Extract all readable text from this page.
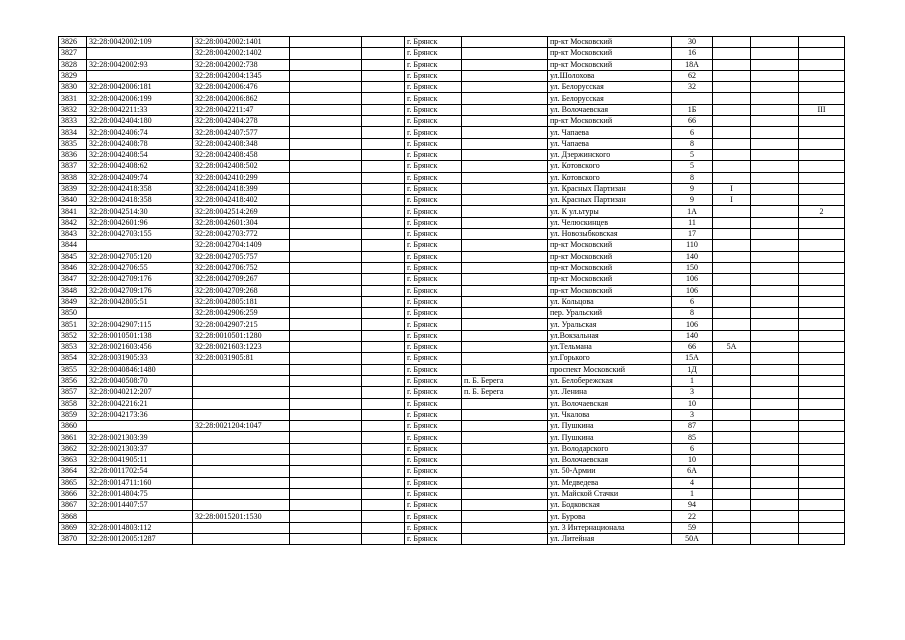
3826	32:28:0042002:109	32:28:0042002:1401			г. Брянск		пр-кт Московский	30			
3827		32:28:0042002:1402			г. Брянск		пр-кт Московский	16			
3828	32:28:0042002:93	32:28:0042002:738			г. Брянск		пр-кт Московский	18А			
3829		32:28:0042004:1345			г. Брянск		ул.Шолохова	62			
3830	32:28:0042006:181	32:28:0042006:476			г. Брянск		ул. Белорусская	32			
3831	32:28:0042006:199	32:28:0042006:862			г. Брянск		ул. Белорусская				
3832	32:28:0042211:33	32:28:0042211:47			г. Брянск		ул. Волочаевская	1Б			III
3833	32:28:0042404:180	32:28:0042404:278			г. Брянск		пр-кт Московский	66			
3834	32:28:0042406:74	32:28:0042407:577			г. Брянск		ул. Чапаева	6			
3835	32:28:0042408:78	32:28:0042408:348			г. Брянск		ул. Чапаева	8			
3836	32:28:0042408:54	32:28:0042408:458			г. Брянск		ул. Дзержинского	5			
3837	32:28:0042408:62	32:28:0042408:502			г. Брянск		ул. Котовского	5			
3838	32:28:0042409:74	32:28:0042410:299			г. Брянск		ул. Котовского	8			
3839	32:28:0042418:358	32:28:0042418:399			г. Брянск		ул. Красных Партизан	9	I		
3840	32:28:0042418:358	32:28:0042418:402			г. Брянск		ул. Красных Партизан	9	I		
3841	32:28:0042514:30	32:28:0042514:269			г. Брянск		ул. К ул.ьтуры	1А			2
3842	32:28:0042601:96	32:28:0042601:304			г. Брянск		ул. Челюскинцев	11			
3843	32:28:0042703:155	32:28:0042703:772			г. Брянск		ул. Новозыбковская	17			
3844		32:28:0042704:1409			г. Брянск		пр-кт Московский	110			
3845	32:28:0042705:120	32:28:0042705:757			г. Брянск		пр-кт Московский	140			
3846	32:28:0042706:55	32:28:0042706:752			г. Брянск		пр-кт Московский	150			
3847	32:28:0042709:176	32:28:0042709:267			г. Брянск		пр-кт Московский	106			
3848	32:28:0042709:176	32:28:0042709:268			г. Брянск		пр-кт Московский	106			
3849	32:28:0042805:51	32:28:0042805:181			г. Брянск		ул. Кольцова	6			
3850		32:28:0042906:259			г. Брянск		пер. Уральский	8			
3851	32:28:0042907:115	32:28:0042907:215			г. Брянск		ул. Уральская	106			
3852	32:28:0010501:138	32:28:0010501:1280			г. Брянск		ул.Вокзальная	140			
3853	32:28:0021603:456	32:28:0021603:1223			г. Брянск		ул.Тельмана	66	5А		
3854	32:28:0031905:33	32:28:0031905:81			г. Брянск		ул.Горького	15А			
3855	32:28:0040846:1480				г. Брянск		проспект Московский	1Д			
3856	32:28:0040508:70				г. Брянск	п. Б. Берега	ул. Белобережская	1			
3857	32:28:0040212:207				г. Брянск	п. Б. Берега	ул. Ленина	3			
3858	32:28:0042216:21				г. Брянск		ул. Волочаевская	10			
3859	32:28:0042173:36				г. Брянск		ул. Чкалова	3			
3860		32:28:0021204:1047			г. Брянск		ул. Пушкина	87			
3861	32:28:0021303:39				г. Брянск		ул. Пушкина	85			
3862	32:28:0021303:37				г. Брянск		ул. Володарского	6			
3863	32:28:0041905:11				г. Брянск		ул. Волочаевская	10			
3864	32:28:0011702:54				г. Брянск		ул. 50-Армии	6А			
3865	32:28:0014711:160				г. Брянск		ул. Медведева	4			
3866	32:28:0014804:75				г. Брянск		ул. Майской Стачки	1			
3867	32:28:0014407:57				г. Брянск		ул. Бодковская	94			
3868		32:28:0015201:1530			г. Брянск		ул. Бурова	22			
3869	32:28:0014803:112				г. Брянск		ул. 3 Интернационала	59			
3870	32:28:0012005:1287				г. Брянск		ул. Литейная	50А			
